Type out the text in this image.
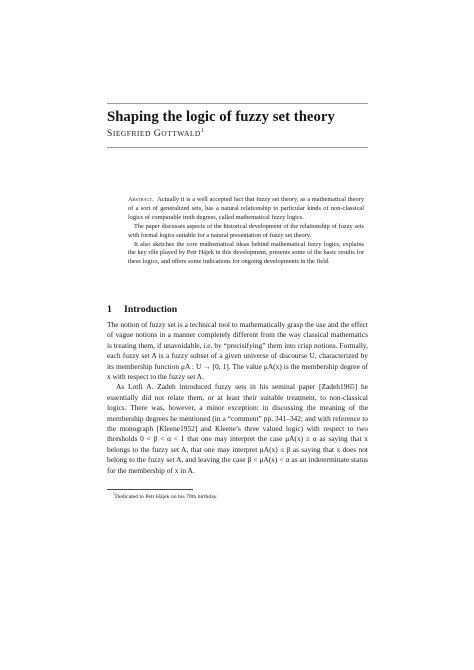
Shaping the logic of fuzzy set theory
SIEGFRIED GOTTWALD$^1$

Abstract. Actually it is a well accepted fact that fuzzy set theory, as a mathematical theory of a sort of generalized sets, has a natural relationship to particular kinds of non-classical logics of comparable truth degrees, called mathematical fuzzy logics.

The paper discusses aspects of the historical development of the relationship of fuzzy sets with formal logics suitable for a natural presentation of fuzzy set theory.

It also sketches the core mathematical ideas behind mathematical fuzzy logics, explains the key rôle played by Petr Hájek in this development, presents some of the basic results for these logics, and offers some indications for ongoing developments in the field.

1 Introduction

The notion of fuzzy set is a technical tool to mathematically grasp the use and the effect of vague notions in a manner completely different from the way classical mathematics is treating them, if unavoidable, i.e. by “precisifying” them into crisp notions. Formally, each fuzzy set A is a fuzzy subset of a given universe of discourse U, characterized by its membership function μA : U → [0, 1]. The value μA(x) is the membership degree of x with respect to the fuzzy set A.

As Lotfi A. Zadeh introduced fuzzy sets in his seminal paper [Zadeh1965] he essentially did not relate them, or at least their suitable treatment, to non-classical logics. There was, however, a minor exception: in discussing the meaning of the membership degrees he mentioned (in a “comment” pp. 341–342; and with reference to the monograph [Kleene1952] and Kleene’s three valued logic) with respect to two thresholds 0 < β < α < 1 that one may interpret the case μA(x) ≥ α as saying that x belongs to the fuzzy set A, that one may interpret μA(x) ≤ β as saying that x does not belong to the fuzzy set A, and leaving the case β < μA(x) < α as an indeterminate status for the membership of x in A.

$^1$Dedicated to Petr Hájek on his 70th birthday.
